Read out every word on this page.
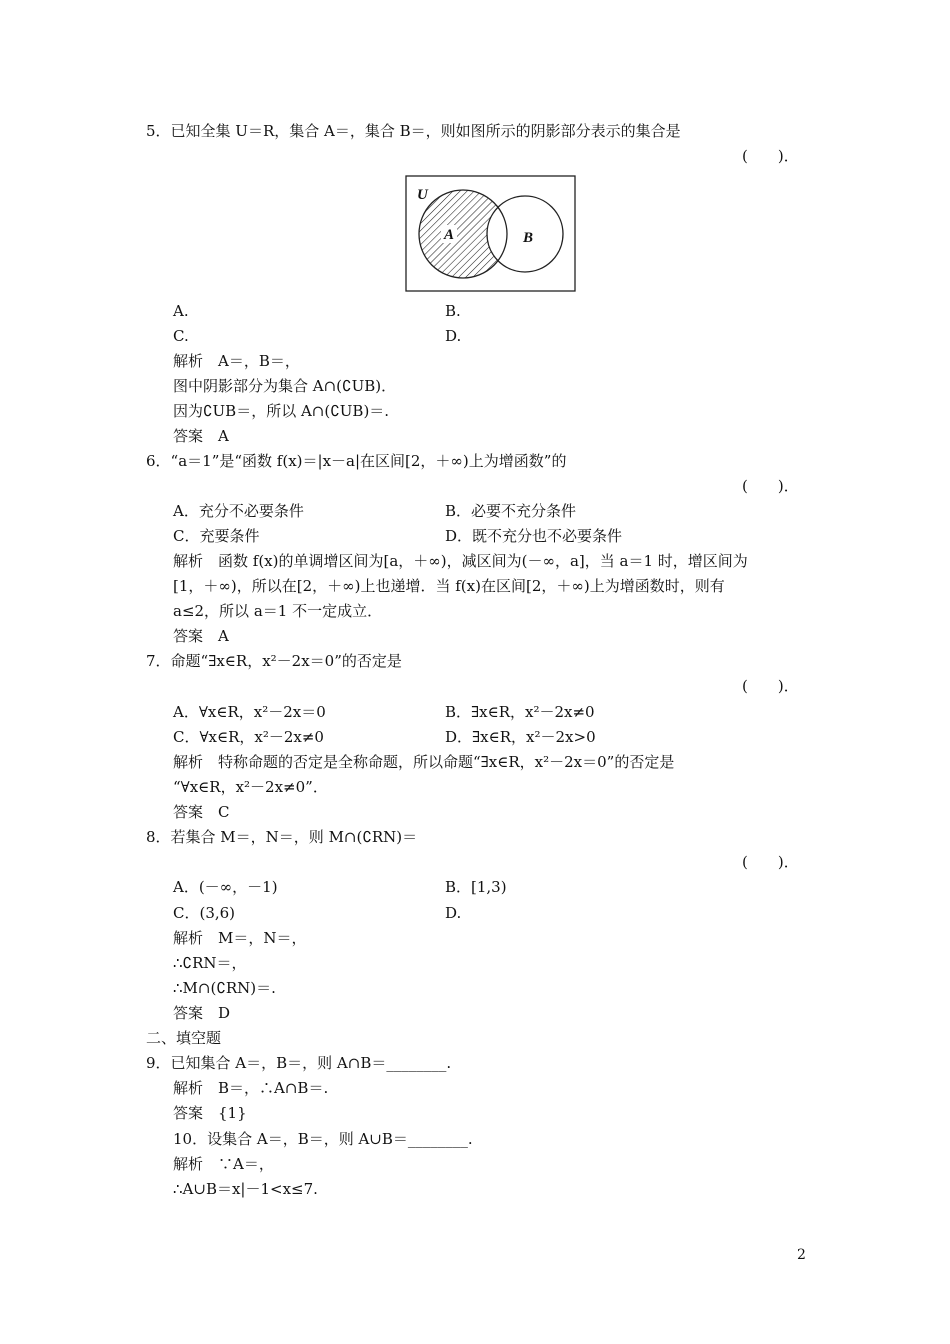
5．已知全集 U＝R，集合 A＝，集合 B＝，则如图所示的阴影部分表示的集合是
(　　)．
U
A	B
A.	B.
C.	D.
解析　A＝，B＝，
图中阴影部分为集合 A∩(∁UB)．
因为∁UB＝，所以 A∩(∁UB)＝.
答案　A
6．“a＝1”是“函数 f(x)＝|x－a|在区间[2，＋∞)上为增函数”的
(　　)．
A．充分不必要条件	B．必要不充分条件
C．充要条件	D．既不充分也不必要条件
解析　函数 f(x)的单调增区间为[a，＋∞)，减区间为(－∞，a]，当 a＝1 时，增区间为
[1，＋∞)，所以在[2，＋∞)上也递增．当 f(x)在区间[2，＋∞)上为增函数时，则有
a≤2，所以 a＝1 不一定成立．
答案　A
7．命题“∃x∈R，x²－2x＝0”的否定是
(　　)．
A．∀x∈R，x²－2x＝0	B．∃x∈R，x²－2x≠0
C．∀x∈R，x²－2x≠0	D．∃x∈R，x²－2x>0
解析　特称命题的否定是全称命题，所以命题“∃x∈R，x²－2x＝0”的否定是
“∀x∈R，x²－2x≠0”．
答案　C
8．若集合 M＝，N＝，则 M∩(∁RN)＝
(　　)．
A．(－∞，－1)	B．[1,3)
C．(3,6)	D.
解析　M＝，N＝，
∴∁RN＝，
∴M∩(∁RN)＝.
答案　D
二、填空题
9．已知集合 A＝，B＝，则 A∩B＝________.
解析　B＝，∴A∩B＝.
答案　{1}
10．设集合 A＝，B＝，则 A∪B＝________.
解析　∵A＝，
∴A∪B＝x|－1<x≤7.
2
